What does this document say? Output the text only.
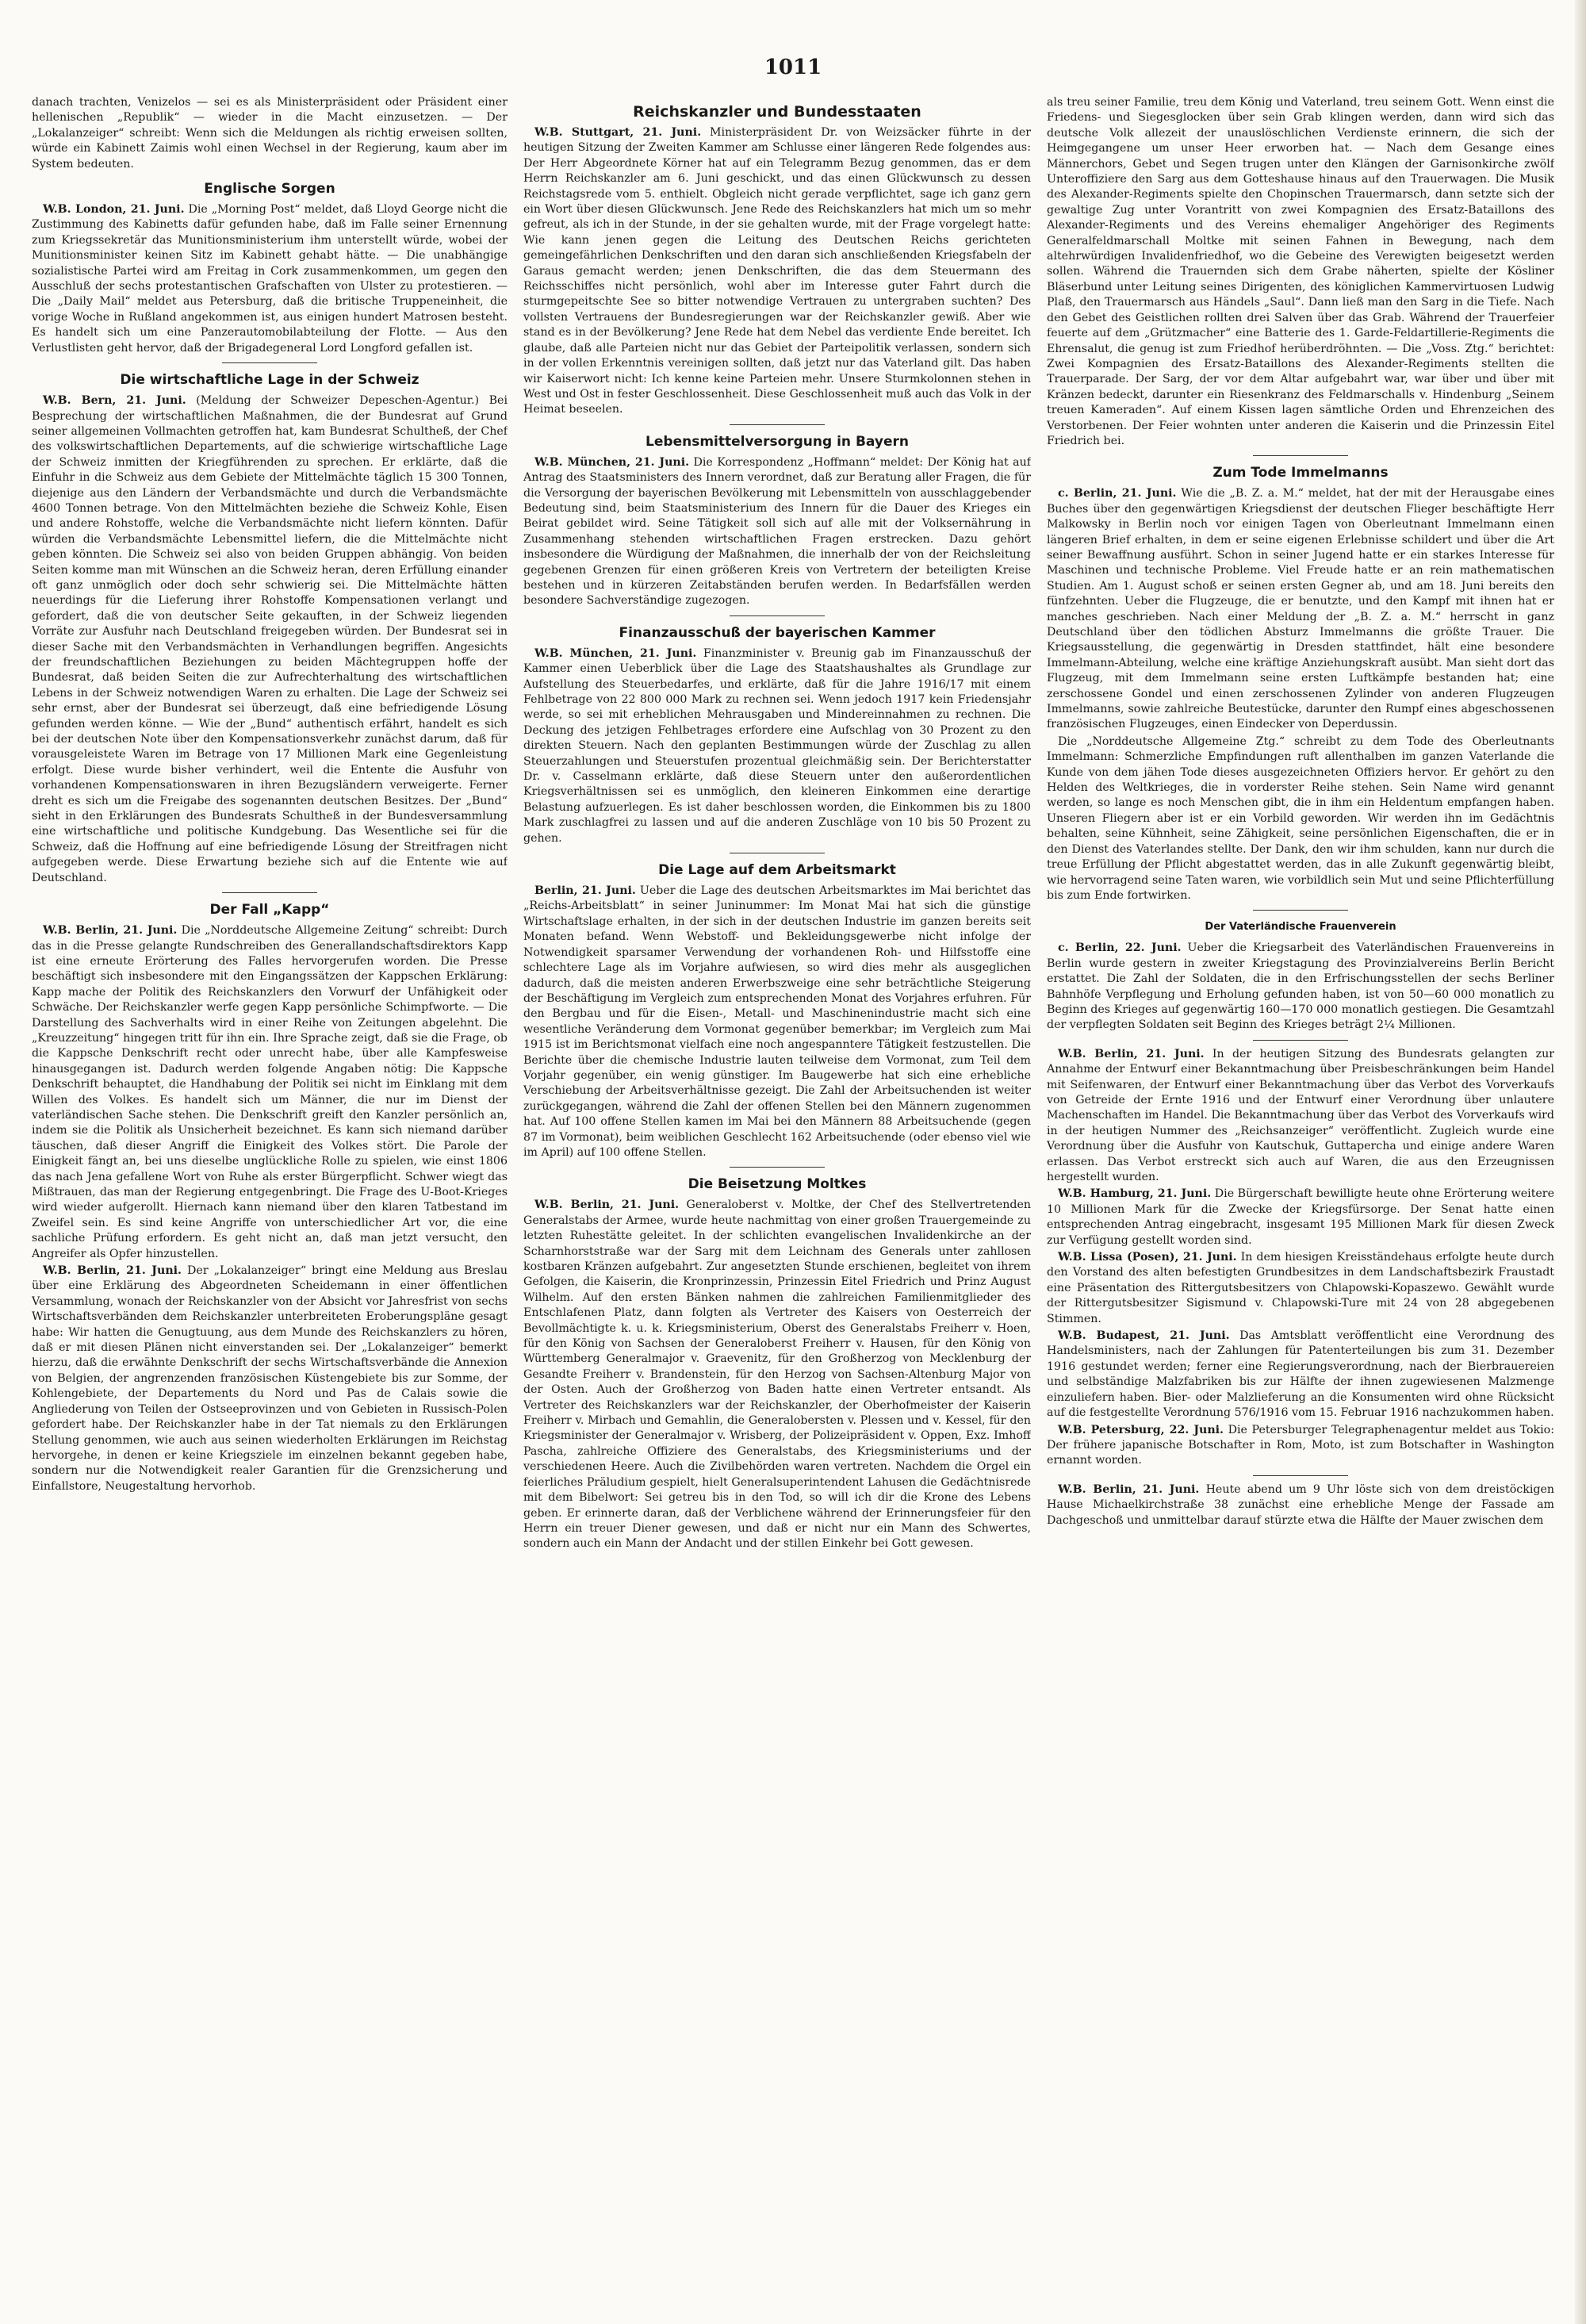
1011

danach trachten, Venizelos — sei es als Ministerpräsident oder Präsident einer hellenischen „Republik“ — wieder in die Macht einzusetzen. — Der „Lokalanzeiger“ schreibt: Wenn sich die Meldungen als richtig erweisen sollten, würde ein Kabinett Zaimis wohl einen Wechsel in der Regierung, kaum aber im System bedeuten.

Englische Sorgen

W.B. London, 21. Juni. Die „Morning Post“ meldet, daß Lloyd George nicht die Zustimmung des Kabinetts dafür gefunden habe, daß im Falle seiner Ernennung zum Kriegssekretär das Munitionsministerium ihm unterstellt würde, wobei der Munitionsminister keinen Sitz im Kabinett gehabt hätte. — Die unabhängige sozialistische Partei wird am Freitag in Cork zusammenkommen, um gegen den Ausschluß der sechs protestantischen Grafschaften von Ulster zu protestieren. — Die „Daily Mail“ meldet aus Petersburg, daß die britische Truppeneinheit, die vorige Woche in Rußland angekommen ist, aus einigen hundert Matrosen besteht. Es handelt sich um eine Panzerautomobilabteilung der Flotte. — Aus den Verlustlisten geht hervor, daß der Brigadegeneral Lord Longford gefallen ist.

Die wirtschaftliche Lage in der Schweiz

W.B. Bern, 21. Juni. (Meldung der Schweizer Depeschen-Agentur.) Bei Besprechung der wirtschaftlichen Maßnahmen, die der Bundesrat auf Grund seiner allgemeinen Vollmachten getroffen hat, kam Bundesrat Schultheß, der Chef des volkswirtschaftlichen Departements, auf die schwierige wirtschaftliche Lage der Schweiz inmitten der Kriegführenden zu sprechen. Er erklärte, daß die Einfuhr in die Schweiz aus dem Gebiete der Mittelmächte täglich 15 300 Tonnen, diejenige aus den Ländern der Verbandsmächte und durch die Verbandsmächte 4600 Tonnen betrage. Von den Mittelmächten beziehe die Schweiz Kohle, Eisen und andere Rohstoffe, welche die Verbandsmächte nicht liefern könnten. Dafür würden die Verbandsmächte Lebensmittel liefern, die die Mittelmächte nicht geben könnten. Die Schweiz sei also von beiden Gruppen abhängig. Von beiden Seiten komme man mit Wünschen an die Schweiz heran, deren Erfüllung einander oft ganz unmöglich oder doch sehr schwierig sei. Die Mittelmächte hätten neuerdings für die Lieferung ihrer Rohstoffe Kompensationen verlangt und gefordert, daß die von deutscher Seite gekauften, in der Schweiz liegenden Vorräte zur Ausfuhr nach Deutschland freigegeben würden. Der Bundesrat sei in dieser Sache mit den Verbandsmächten in Verhandlungen begriffen. Angesichts der freundschaftlichen Beziehungen zu beiden Mächtegruppen hoffe der Bundesrat, daß beiden Seiten die zur Aufrechterhaltung des wirtschaftlichen Lebens in der Schweiz notwendigen Waren zu erhalten. Die Lage der Schweiz sei sehr ernst, aber der Bundesrat sei überzeugt, daß eine befriedigende Lösung gefunden werden könne. — Wie der „Bund“ authentisch erfährt, handelt es sich bei der deutschen Note über den Kompensationsverkehr zunächst darum, daß für vorausgeleistete Waren im Betrage von 17 Millionen Mark eine Gegenleistung erfolgt. Diese wurde bisher verhindert, weil die Entente die Ausfuhr von vorhandenen Kompensationswaren in ihren Bezugsländern verweigerte. Ferner dreht es sich um die Freigabe des sogenannten deutschen Besitzes. Der „Bund“ sieht in den Erklärungen des Bundesrats Schultheß in der Bundesversammlung eine wirtschaftliche und politische Kundgebung. Das Wesentliche sei für die Schweiz, daß die Hoffnung auf eine befriedigende Lösung der Streitfragen nicht aufgegeben werde. Diese Erwartung beziehe sich auf die Entente wie auf Deutschland.

Der Fall „Kapp“

W.B. Berlin, 21. Juni. Die „Norddeutsche Allgemeine Zeitung“ schreibt: Durch das in die Presse gelangte Rundschreiben des Generallandschaftsdirektors Kapp ist eine erneute Erörterung des Falles hervorgerufen worden. Die Presse beschäftigt sich insbesondere mit den Eingangssätzen der Kappschen Erklärung: Kapp mache der Politik des Reichskanzlers den Vorwurf der Unfähigkeit oder Schwäche. Der Reichskanzler werfe gegen Kapp persönliche Schimpfworte. — Die Darstellung des Sachverhalts wird in einer Reihe von Zeitungen abgelehnt. Die „Kreuzzeitung“ hingegen tritt für ihn ein. Ihre Sprache zeigt, daß sie die Frage, ob die Kappsche Denkschrift recht oder unrecht habe, über alle Kampfesweise hinausgegangen ist. Dadurch werden folgende Angaben nötig: Die Kappsche Denkschrift behauptet, die Handhabung der Politik sei nicht im Einklang mit dem Willen des Volkes. Es handelt sich um Männer, die nur im Dienst der vaterländischen Sache stehen. Die Denkschrift greift den Kanzler persönlich an, indem sie die Politik als Unsicherheit bezeichnet. Es kann sich niemand darüber täuschen, daß dieser Angriff die Einigkeit des Volkes stört. Die Parole der Einigkeit fängt an, bei uns dieselbe unglückliche Rolle zu spielen, wie einst 1806 das nach Jena gefallene Wort von Ruhe als erster Bürgerpflicht. Schwer wiegt das Mißtrauen, das man der Regierung entgegenbringt. Die Frage des U-Boot-Krieges wird wieder aufgerollt. Hiernach kann niemand über den klaren Tatbestand im Zweifel sein. Es sind keine Angriffe von unterschiedlicher Art vor, die eine sachliche Prüfung erfordern. Es geht nicht an, daß man jetzt versucht, den Angreifer als Opfer hinzustellen.

W.B. Berlin, 21. Juni. Der „Lokalanzeiger“ bringt eine Meldung aus Breslau über eine Erklärung des Abgeordneten Scheidemann in einer öffentlichen Versammlung, wonach der Reichskanzler von der Absicht vor Jahresfrist von sechs Wirtschaftsverbänden dem Reichskanzler unterbreiteten Eroberungspläne gesagt habe: Wir hatten die Genugtuung, aus dem Munde des Reichskanzlers zu hören, daß er mit diesen Plänen nicht einverstanden sei. Der „Lokalanzeiger“ bemerkt hierzu, daß die erwähnte Denkschrift der sechs Wirtschaftsverbände die Annexion von Belgien, der angrenzenden französischen Küstengebiete bis zur Somme, der Kohlengebiete, der Departements du Nord und Pas de Calais sowie die Angliederung von Teilen der Ostseeprovinzen und von Gebieten in Russisch-Polen gefordert habe. Der Reichskanzler habe in der Tat niemals zu den Erklärungen Stellung genommen, wie auch aus seinen wiederholten Erklärungen im Reichstag hervorgehe, in denen er keine Kriegsziele im einzelnen bekannt gegeben habe, sondern nur die Notwendigkeit realer Garantien für die Grenzsicherung und Einfallstore, Neugestaltung hervorhob.

Reichskanzler und Bundesstaaten

W.B. Stuttgart, 21. Juni. Ministerpräsident Dr. von Weizsäcker führte in der heutigen Sitzung der Zweiten Kammer am Schlusse einer längeren Rede folgendes aus: Der Herr Abgeordnete Körner hat auf ein Telegramm Bezug genommen, das er dem Herrn Reichskanzler am 6. Juni geschickt, und das einen Glückwunsch zu dessen Reichstagsrede vom 5. enthielt. Obgleich nicht gerade verpflichtet, sage ich ganz gern ein Wort über diesen Glückwunsch. Jene Rede des Reichskanzlers hat mich um so mehr gefreut, als ich in der Stunde, in der sie gehalten wurde, mit der Frage vorgelegt hatte: Wie kann jenen gegen die Leitung des Deutschen Reichs gerichteten gemeingefährlichen Denkschriften und den daran sich anschließenden Kriegsfabeln der Garaus gemacht werden; jenen Denkschriften, die das dem Steuermann des Reichsschiffes nicht persönlich, wohl aber im Interesse guter Fahrt durch die sturmgepeitschte See so bitter notwendige Vertrauen zu untergraben suchten? Des vollsten Vertrauens der Bundesregierungen war der Reichskanzler gewiß. Aber wie stand es in der Bevölkerung? Jene Rede hat dem Nebel das verdiente Ende bereitet. Ich glaube, daß alle Parteien nicht nur das Gebiet der Parteipolitik verlassen, sondern sich in der vollen Erkenntnis vereinigen sollten, daß jetzt nur das Vaterland gilt. Das haben wir Kaiserwort nicht: Ich kenne keine Parteien mehr. Unsere Sturmkolonnen stehen in West und Ost in fester Geschlossenheit. Diese Geschlossenheit muß auch das Volk in der Heimat beseelen.

Lebensmittelversorgung in Bayern

W.B. München, 21. Juni. Die Korrespondenz „Hoffmann“ meldet: Der König hat auf Antrag des Staatsministers des Innern verordnet, daß zur Beratung aller Fragen, die für die Versorgung der bayerischen Bevölkerung mit Lebensmitteln von ausschlaggebender Bedeutung sind, beim Staatsministerium des Innern für die Dauer des Krieges ein Beirat gebildet wird. Seine Tätigkeit soll sich auf alle mit der Volksernährung in Zusammenhang stehenden wirtschaftlichen Fragen erstrecken. Dazu gehört insbesondere die Würdigung der Maßnahmen, die innerhalb der von der Reichsleitung gegebenen Grenzen für einen größeren Kreis von Vertretern der beteiligten Kreise bestehen und in kürzeren Zeitabständen berufen werden. In Bedarfsfällen werden besondere Sachverständige zugezogen.

Finanzausschuß der bayerischen Kammer

W.B. München, 21. Juni. Finanzminister v. Breunig gab im Finanzausschuß der Kammer einen Ueberblick über die Lage des Staatshaushaltes als Grundlage zur Aufstellung des Steuerbedarfes, und erklärte, daß für die Jahre 1916/17 mit einem Fehlbetrage von 22 800 000 Mark zu rechnen sei. Wenn jedoch 1917 kein Friedensjahr werde, so sei mit erheblichen Mehrausgaben und Mindereinnahmen zu rechnen. Die Deckung des jetzigen Fehlbetrages erfordere eine Aufschlag von 30 Prozent zu den direkten Steuern. Nach den geplanten Bestimmungen würde der Zuschlag zu allen Steuerzahlungen und Steuerstufen prozentual gleichmäßig sein. Der Berichterstatter Dr. v. Casselmann erklärte, daß diese Steuern unter den außerordentlichen Kriegsverhältnissen sei es unmöglich, den kleineren Einkommen eine derartige Belastung aufzuerlegen. Es ist daher beschlossen worden, die Einkommen bis zu 1800 Mark zuschlagfrei zu lassen und auf die anderen Zuschläge von 10 bis 50 Prozent zu gehen.

Die Lage auf dem Arbeitsmarkt

Berlin, 21. Juni. Ueber die Lage des deutschen Arbeitsmarktes im Mai berichtet das „Reichs-Arbeitsblatt“ in seiner Juninummer: Im Monat Mai hat sich die günstige Wirtschaftslage erhalten, in der sich in der deutschen Industrie im ganzen bereits seit Monaten befand. Wenn Webstoff- und Bekleidungsgewerbe nicht infolge der Notwendigkeit sparsamer Verwendung der vorhandenen Roh- und Hilfsstoffe eine schlechtere Lage als im Vorjahre aufwiesen, so wird dies mehr als ausgeglichen dadurch, daß die meisten anderen Erwerbszweige eine sehr beträchtliche Steigerung der Beschäftigung im Vergleich zum entsprechenden Monat des Vorjahres erfuhren. Für den Bergbau und für die Eisen-, Metall- und Maschinenindustrie macht sich eine wesentliche Veränderung dem Vormonat gegenüber bemerkbar; im Vergleich zum Mai 1915 ist im Berichtsmonat vielfach eine noch angespanntere Tätigkeit festzustellen. Die Berichte über die chemische Industrie lauten teilweise dem Vormonat, zum Teil dem Vorjahr gegenüber, ein wenig günstiger. Im Baugewerbe hat sich eine erhebliche Verschiebung der Arbeitsverhältnisse gezeigt. Die Zahl der Arbeitsuchenden ist weiter zurückgegangen, während die Zahl der offenen Stellen bei den Männern zugenommen hat. Auf 100 offene Stellen kamen im Mai bei den Männern 88 Arbeitsuchende (gegen 87 im Vormonat), beim weiblichen Geschlecht 162 Arbeitsuchende (oder ebenso viel wie im April) auf 100 offene Stellen.

Die Beisetzung Moltkes

W.B. Berlin, 21. Juni. Generaloberst v. Moltke, der Chef des Stellvertretenden Generalstabs der Armee, wurde heute nachmittag von einer großen Trauergemeinde zu letzten Ruhestätte geleitet. In der schlichten evangelischen Invalidenkirche an der Scharnhorststraße war der Sarg mit dem Leichnam des Generals unter zahllosen kostbaren Kränzen aufgebahrt. Zur angesetzten Stunde erschienen, begleitet von ihrem Gefolgen, die Kaiserin, die Kronprinzessin, Prinzessin Eitel Friedrich und Prinz August Wilhelm. Auf den ersten Bänken nahmen die zahlreichen Familienmitglieder des Entschlafenen Platz, dann folgten als Vertreter des Kaisers von Oesterreich der Bevollmächtigte k. u. k. Kriegsministerium, Oberst des Generalstabs Freiherr v. Hoen, für den König von Sachsen der Generaloberst Freiherr v. Hausen, für den König von Württemberg Generalmajor v. Graevenitz, für den Großherzog von Mecklenburg der Gesandte Freiherr v. Brandenstein, für den Herzog von Sachsen-Altenburg Major von der Osten. Auch der Großherzog von Baden hatte einen Vertreter entsandt. Als Vertreter des Reichskanzlers war der Reichskanzler, der Oberhofmeister der Kaiserin Freiherr v. Mirbach und Gemahlin, die Generalobersten v. Plessen und v. Kessel, für den Kriegsminister der Generalmajor v. Wrisberg, der Polizeipräsident v. Oppen, Exz. Imhoff Pascha, zahlreiche Offiziere des Generalstabs, des Kriegsministeriums und der verschiedenen Heere. Auch die Zivilbehörden waren vertreten. Nachdem die Orgel ein feierliches Präludium gespielt, hielt Generalsuperintendent Lahusen die Gedächtnisrede mit dem Bibelwort: Sei getreu bis in den Tod, so will ich dir die Krone des Lebens geben. Er erinnerte daran, daß der Verblichene während der Erinnerungsfeier für den Herrn ein treuer Diener gewesen, und daß er nicht nur ein Mann des Schwertes, sondern auch ein Mann der Andacht und der stillen Einkehr bei Gott gewesen.

als treu seiner Familie, treu dem König und Vaterland, treu seinem Gott. Wenn einst die Friedens- und Siegesglocken über sein Grab klingen werden, dann wird sich das deutsche Volk allezeit der unauslöschlichen Verdienste erinnern, die sich der Heimgegangene um unser Heer erworben hat. — Nach dem Gesange eines Männerchors, Gebet und Segen trugen unter den Klängen der Garnisonkirche zwölf Unteroffiziere den Sarg aus dem Gotteshause hinaus auf den Trauerwagen. Die Musik des Alexander-Regiments spielte den Chopinschen Trauermarsch, dann setzte sich der gewaltige Zug unter Vorantritt von zwei Kompagnien des Ersatz-Bataillons des Alexander-Regiments und des Vereins ehemaliger Angehöriger des Regiments Generalfeldmarschall Moltke mit seinen Fahnen in Bewegung, nach dem altehrwürdigen Invalidenfriedhof, wo die Gebeine des Verewigten beigesetzt werden sollen. Während die Trauernden sich dem Grabe näherten, spielte der Kösliner Bläserbund unter Leitung seines Dirigenten, des königlichen Kammervirtuosen Ludwig Plaß, den Trauermarsch aus Händels „Saul“. Dann ließ man den Sarg in die Tiefe. Nach den Gebet des Geistlichen rollten drei Salven über das Grab. Während der Trauerfeier feuerte auf dem „Grützmacher“ eine Batterie des 1. Garde-Feldartillerie-Regiments die Ehrensalut, die genug ist zum Friedhof herüberdröhnten. — Die „Voss. Ztg.“ berichtet: Zwei Kompagnien des Ersatz-Bataillons des Alexander-Regiments stellten die Trauerparade. Der Sarg, der vor dem Altar aufgebahrt war, war über und über mit Kränzen bedeckt, darunter ein Riesenkranz des Feldmarschalls v. Hindenburg „Seinem treuen Kameraden“. Auf einem Kissen lagen sämtliche Orden und Ehrenzeichen des Verstorbenen. Der Feier wohnten unter anderen die Kaiserin und die Prinzessin Eitel Friedrich bei.

Zum Tode Immelmanns

c. Berlin, 21. Juni. Wie die „B. Z. a. M.“ meldet, hat der mit der Herausgabe eines Buches über den gegenwärtigen Kriegsdienst der deutschen Flieger beschäftigte Herr Malkowsky in Berlin noch vor einigen Tagen von Oberleutnant Immelmann einen längeren Brief erhalten, in dem er seine eigenen Erlebnisse schildert und über die Art seiner Bewaffnung ausführt. Schon in seiner Jugend hatte er ein starkes Interesse für Maschinen und technische Probleme. Viel Freude hatte er an rein mathematischen Studien. Am 1. August schoß er seinen ersten Gegner ab, und am 18. Juni bereits den fünfzehnten. Ueber die Flugzeuge, die er benutzte, und den Kampf mit ihnen hat er manches geschrieben. Nach einer Meldung der „B. Z. a. M.“ herrscht in ganz Deutschland über den tödlichen Absturz Immelmanns die größte Trauer. Die Kriegsausstellung, die gegenwärtig in Dresden stattfindet, hält eine besondere Immelmann-Abteilung, welche eine kräftige Anziehungskraft ausübt. Man sieht dort das Flugzeug, mit dem Immelmann seine ersten Luftkämpfe bestanden hat; eine zerschossene Gondel und einen zerschossenen Zylinder von anderen Flugzeugen Immelmanns, sowie zahlreiche Beutestücke, darunter den Rumpf eines abgeschossenen französischen Flugzeuges, einen Eindecker von Deperdussin.

Die „Norddeutsche Allgemeine Ztg.“ schreibt zu dem Tode des Oberleutnants Immelmann: Schmerzliche Empfindungen ruft allenthalben im ganzen Vaterlande die Kunde von dem jähen Tode dieses ausgezeichneten Offiziers hervor. Er gehört zu den Helden des Weltkrieges, die in vorderster Reihe stehen. Sein Name wird genannt werden, so lange es noch Menschen gibt, die in ihm ein Heldentum empfangen haben. Unseren Fliegern aber ist er ein Vorbild geworden. Wir werden ihn im Gedächtnis behalten, seine Kühnheit, seine Zähigkeit, seine persönlichen Eigenschaften, die er in den Dienst des Vaterlandes stellte. Der Dank, den wir ihm schulden, kann nur durch die treue Erfüllung der Pflicht abgestattet werden, das in alle Zukunft gegenwärtig bleibt, wie hervorragend seine Taten waren, wie vorbildlich sein Mut und seine Pflichterfüllung bis zum Ende fortwirken.

Der Vaterländische Frauenverein

c. Berlin, 22. Juni. Ueber die Kriegsarbeit des Vaterländischen Frauenvereins in Berlin wurde gestern in zweiter Kriegstagung des Provinzialvereins Berlin Bericht erstattet. Die Zahl der Soldaten, die in den Erfrischungsstellen der sechs Berliner Bahnhöfe Verpflegung und Erholung gefunden haben, ist von 50—60 000 monatlich zu Beginn des Krieges auf gegenwärtig 160—170 000 monatlich gestiegen. Die Gesamtzahl der verpflegten Soldaten seit Beginn des Krieges beträgt 2¼ Millionen.

W.B. Berlin, 21. Juni. In der heutigen Sitzung des Bundesrats gelangten zur Annahme der Entwurf einer Bekanntmachung über Preisbeschränkungen beim Handel mit Seifenwaren, der Entwurf einer Bekanntmachung über das Verbot des Vorverkaufs von Getreide der Ernte 1916 und der Entwurf einer Verordnung über unlautere Machenschaften im Handel. Die Bekanntmachung über das Verbot des Vorverkaufs wird in der heutigen Nummer des „Reichsanzeiger“ veröffentlicht. Zugleich wurde eine Verordnung über die Ausfuhr von Kautschuk, Guttapercha und einige andere Waren erlassen. Das Verbot erstreckt sich auch auf Waren, die aus den Erzeugnissen hergestellt wurden.

W.B. Hamburg, 21. Juni. Die Bürgerschaft bewilligte heute ohne Erörterung weitere 10 Millionen Mark für die Zwecke der Kriegsfürsorge. Der Senat hatte einen entsprechenden Antrag eingebracht, insgesamt 195 Millionen Mark für diesen Zweck zur Verfügung gestellt worden sind.

W.B. Lissa (Posen), 21. Juni. In dem hiesigen Kreisständehaus erfolgte heute durch den Vorstand des alten befestigten Grundbesitzes in dem Landschaftsbezirk Fraustadt eine Präsentation des Rittergutsbesitzers von Chlapowski-Kopaszewo. Gewählt wurde der Rittergutsbesitzer Sigismund v. Chlapowski-Ture mit 24 von 28 abgegebenen Stimmen.

W.B. Budapest, 21. Juni. Das Amtsblatt veröffentlicht eine Verordnung des Handelsministers, nach der Zahlungen für Patenterteilungen bis zum 31. Dezember 1916 gestundet werden; ferner eine Regierungsverordnung, nach der Bierbrauereien und selbständige Malzfabriken bis zur Hälfte der ihnen zugewiesenen Malzmenge einzuliefern haben. Bier- oder Malzlieferung an die Konsumenten wird ohne Rücksicht auf die festgestellte Verordnung 576/1916 vom 15. Februar 1916 nachzukommen haben.

W.B. Petersburg, 22. Juni. Die Petersburger Telegraphenagentur meldet aus Tokio: Der frühere japanische Botschafter in Rom, Moto, ist zum Botschafter in Washington ernannt worden.

W.B. Berlin, 21. Juni. Heute abend um 9 Uhr löste sich von dem dreistöckigen Hause Michaelkirchstraße 38 zunächst eine erhebliche Menge der Fassade am Dachgeschoß und unmittelbar darauf stürzte etwa die Hälfte der Mauer zwischen dem
